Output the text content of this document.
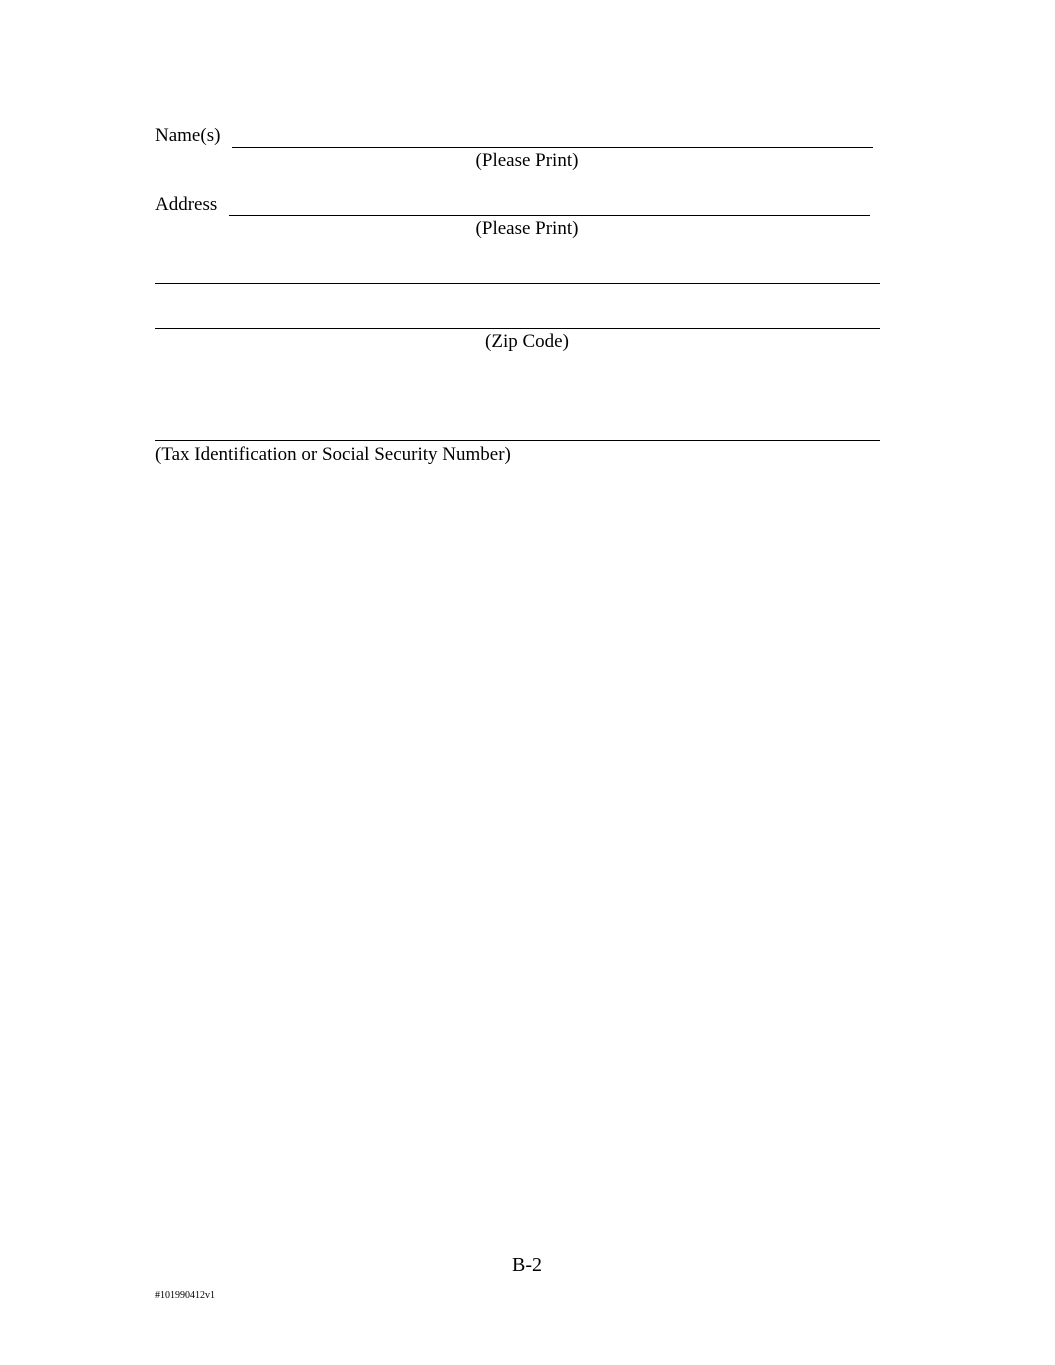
Name(s)
(Please Print)
Address
(Please Print)
(Zip Code)
(Tax Identification or Social Security Number)
B-2
#101990412v1
